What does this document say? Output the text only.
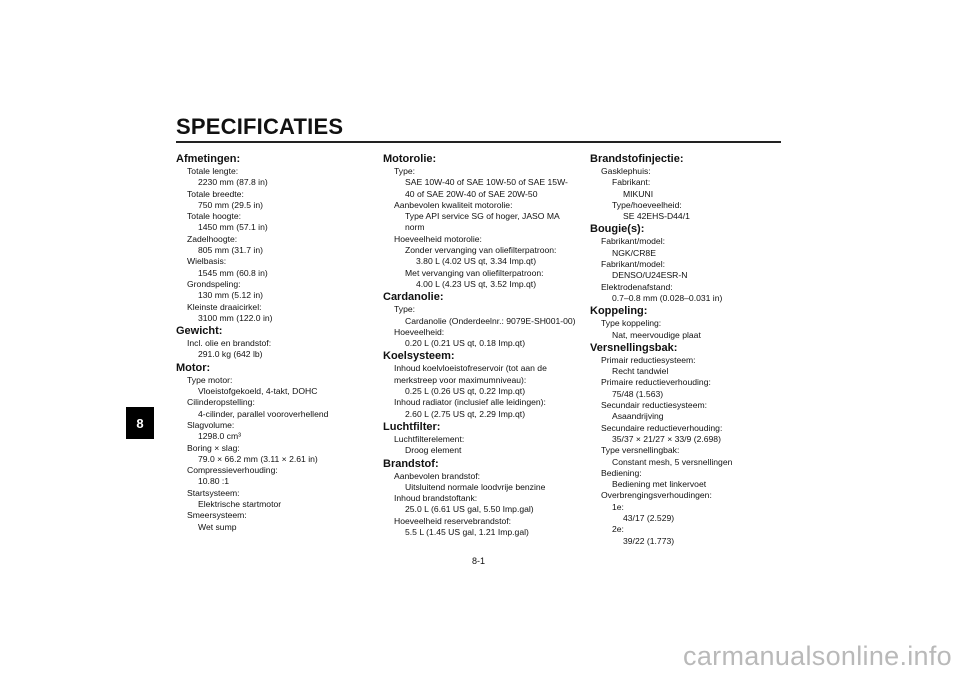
SPECIFICATIES
8
Afmetingen:
Totale lengte:
2230 mm (87.8 in)
Totale breedte:
750 mm (29.5 in)
Totale hoogte:
1450 mm (57.1 in)
Zadelhoogte:
805 mm (31.7 in)
Wielbasis:
1545 mm (60.8 in)
Grondspeling:
130 mm (5.12 in)
Kleinste draaicirkel:
3100 mm (122.0 in)
Gewicht:
Incl. olie en brandstof:
291.0 kg (642 lb)
Motor:
Type motor:
Vloeistofgekoeld, 4-takt, DOHC
Cilinderopstelling:
4-cilinder, parallel vooroverhellend
Slagvolume:
1298.0 cm³
Boring × slag:
79.0 × 66.2 mm (3.11 × 2.61 in)
Compressieverhouding:
10.80 :1
Startsysteem:
Elektrische startmotor
Smeersysteem:
Wet sump
Motorolie:
Type:
SAE 10W-40 of SAE 10W-50 of SAE 15W-40 of SAE 20W-40 of SAE 20W-50
Aanbevolen kwaliteit motorolie:
Type API service SG of hoger, JASO MA norm
Hoeveelheid motorolie:
Zonder vervanging van oliefilterpatroon:
3.80 L (4.02 US qt, 3.34 Imp.qt)
Met vervanging van oliefilterpatroon:
4.00 L (4.23 US qt, 3.52 Imp.qt)
Cardanolie:
Type:
Cardanolie (Onderdeelnr.: 9079E-SH001-00)
Hoeveelheid:
0.20 L (0.21 US qt, 0.18 Imp.qt)
Koelsysteem:
Inhoud koelvloeistofreservoir (tot aan de merkstreep voor maximumniveau):
0.25 L (0.26 US qt, 0.22 Imp.qt)
Inhoud radiator (inclusief alle leidingen):
2.60 L (2.75 US qt, 2.29 Imp.qt)
Luchtfilter:
Luchtfilterelement:
Droog element
Brandstof:
Aanbevolen brandstof:
Uitsluitend normale loodvrije benzine
Inhoud brandstoftank:
25.0 L (6.61 US gal, 5.50 Imp.gal)
Hoeveelheid reservebrandstof:
5.5 L (1.45 US gal, 1.21 Imp.gal)
Brandstofinjectie:
Gasklephuis:
Fabrikant:
MIKUNI
Type/hoeveelheid:
SE 42EHS-D44/1
Bougie(s):
Fabrikant/model:
NGK/CR8E
Fabrikant/model:
DENSO/U24ESR-N
Elektrodenafstand:
0.7–0.8 mm (0.028–0.031 in)
Koppeling:
Type koppeling:
Nat, meervoudige plaat
Versnellingsbak:
Primair reductiesysteem:
Recht tandwiel
Primaire reductieverhouding:
75/48 (1.563)
Secundair reductiesysteem:
Asaandrijving
Secundaire reductieverhouding:
35/37 × 21/27 × 33/9 (2.698)
Type versnellingbak:
Constant mesh, 5 versnellingen
Bediening:
Bediening met linkervoet
Overbrengingsverhoudingen:
1e:
43/17 (2.529)
2e:
39/22 (1.773)
8-1
carmanualsonline.info
